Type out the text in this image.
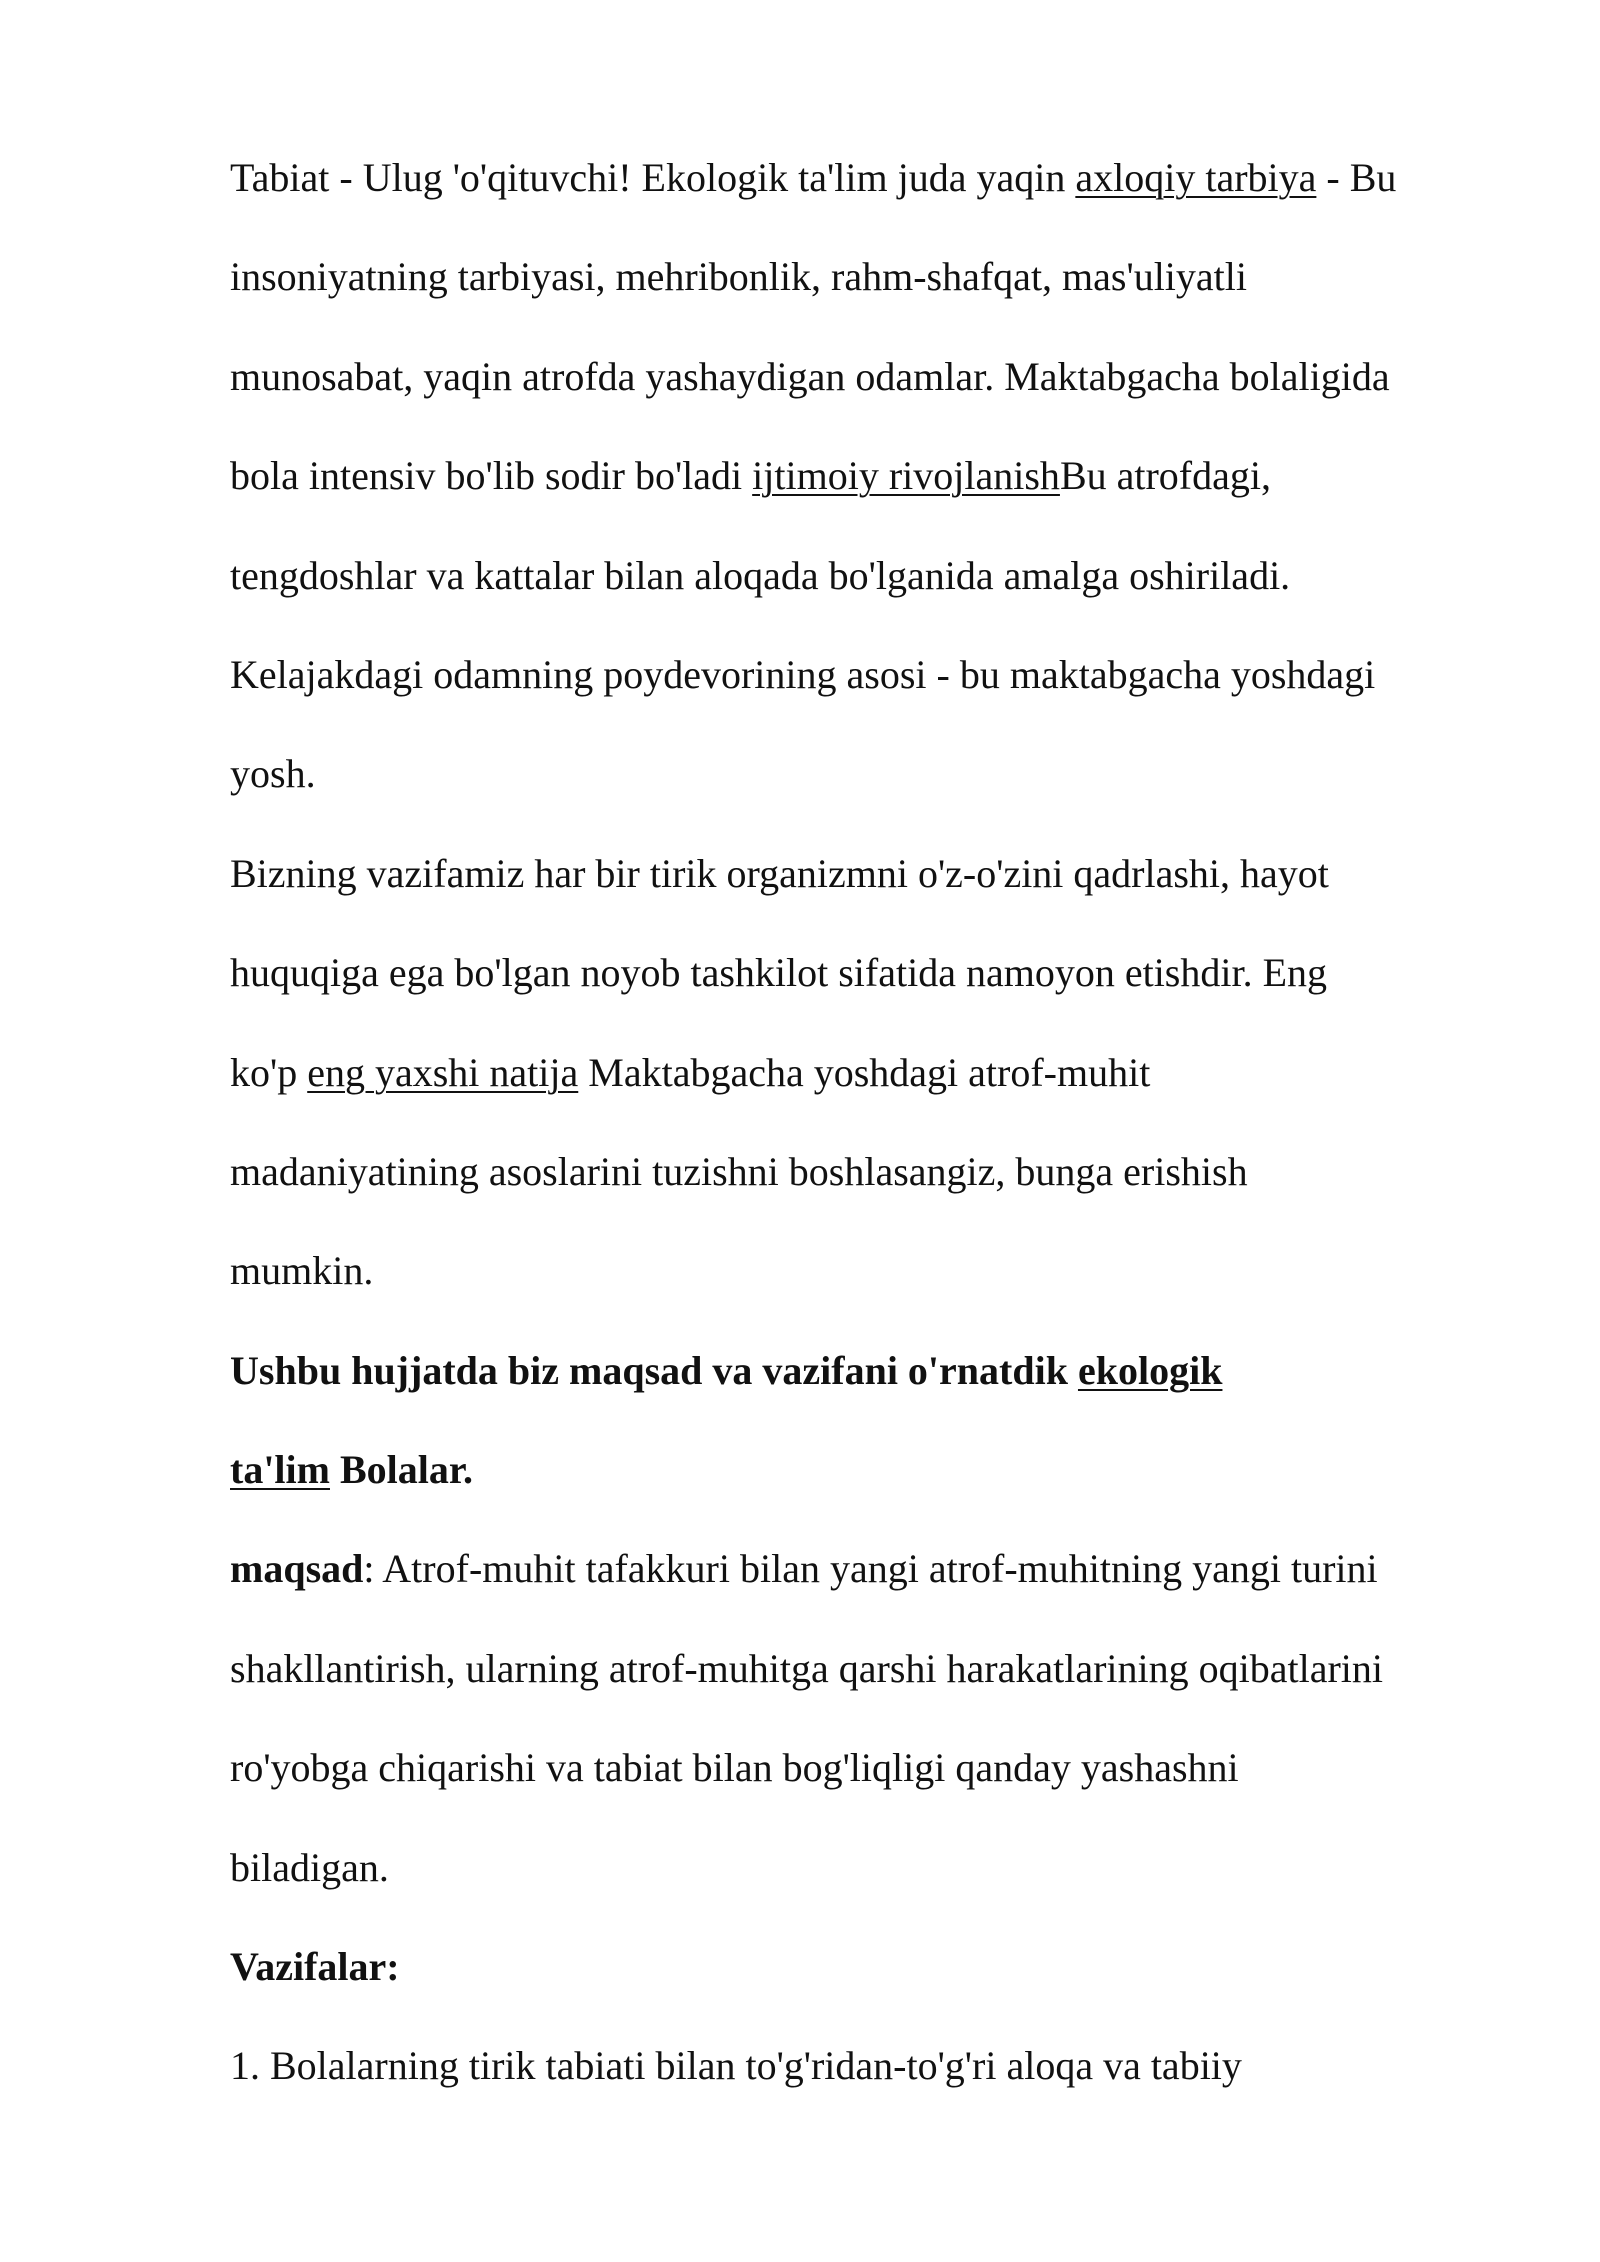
Tabiat - Ulug 'o'qituvchi! Ekologik ta'lim juda yaqin axloqiy tarbiya - Bu
insoniyatning tarbiyasi, mehribonlik, rahm-shafqat, mas'uliyatli
munosabat, yaqin atrofda yashaydigan odamlar. Maktabgacha bolaligida
bola intensiv bo'lib sodir bo'ladi ijtimoiy rivojlanishBu atrofdagi,
tengdoshlar va kattalar bilan aloqada bo'lganida amalga oshiriladi.
Kelajakdagi odamning poydevorining asosi - bu maktabgacha yoshdagi
yosh.
Bizning vazifamiz har bir tirik organizmni o'z-o'zini qadrlashi, hayot
huquqiga ega bo'lgan noyob tashkilot sifatida namoyon etishdir. Eng
ko'p eng yaxshi natija Maktabgacha yoshdagi atrof-muhit
madaniyatining asoslarini tuzishni boshlasangiz, bunga erishish
mumkin.
Ushbu hujjatda biz maqsad va vazifani o'rnatdik ekologik
ta'lim Bolalar.
maqsad: Atrof-muhit tafakkuri bilan yangi atrof-muhitning yangi turini
shakllantirish, ularning atrof-muhitga qarshi harakatlarining oqibatlarini
ro'yobga chiqarishi va tabiat bilan bog'liqligi qanday yashashni
biladigan.
Vazifalar:
1. Bolalarning tirik tabiati bilan to'g'ridan-to'g'ri aloqa va tabiiy
